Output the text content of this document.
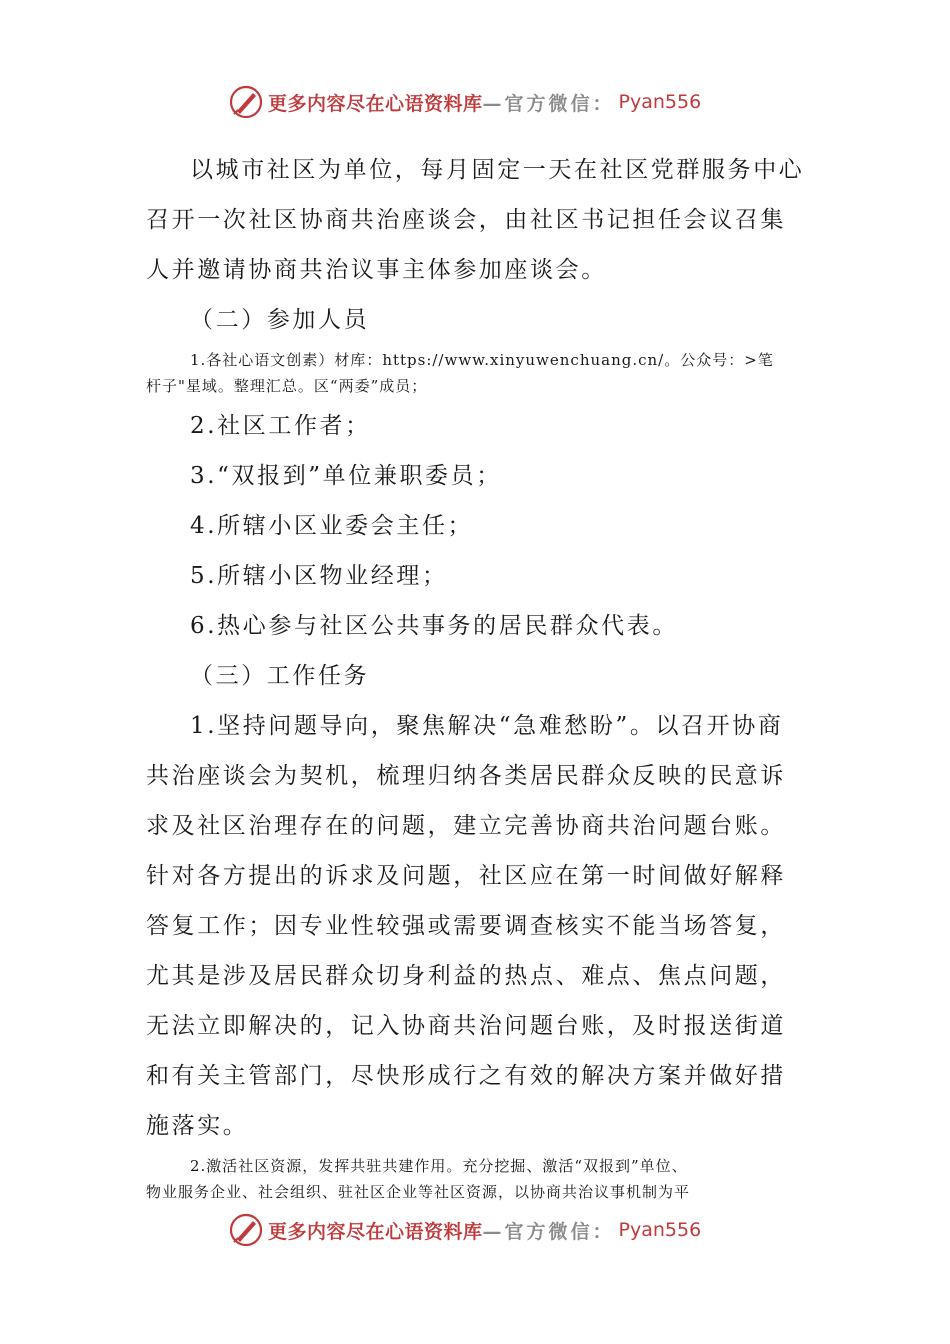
更多内容尽在心语资料库 —官方微信： Pyan556

以城市社区为单位，每月固定一天在社区党群服务中心

召开一次社区协商共治座谈会，由社区书记担任会议召集

人并邀请协商共治议事主体参加座谈会。

（二）参加人员

1.各社心语文创素）材库：https://www.xinyuwenchuang.cn/。公众号：>笔

杆子"星域。整理汇总。区“两委”成员；

2.社区工作者；

3.“双报到”单位兼职委员；

4.所辖小区业委会主任；

5.所辖小区物业经理；

6.热心参与社区公共事务的居民群众代表。

（三）工作任务

1.坚持问题导向，聚焦解决“急难愁盼”。以召开协商

共治座谈会为契机，梳理归纳各类居民群众反映的民意诉

求及社区治理存在的问题，建立完善协商共治问题台账。

针对各方提出的诉求及问题，社区应在第一时间做好解释

答复工作；因专业性较强或需要调查核实不能当场答复，

尤其是涉及居民群众切身利益的热点、难点、焦点问题，

无法立即解决的，记入协商共治问题台账，及时报送街道

和有关主管部门，尽快形成行之有效的解决方案并做好措

施落实。

2.激活社区资源，发挥共驻共建作用。充分挖掘、激活“双报到”单位、

物业服务企业、社会组织、驻社区企业等社区资源，以协商共治议事机制为平

更多内容尽在心语资料库 —官方微信： Pyan556
